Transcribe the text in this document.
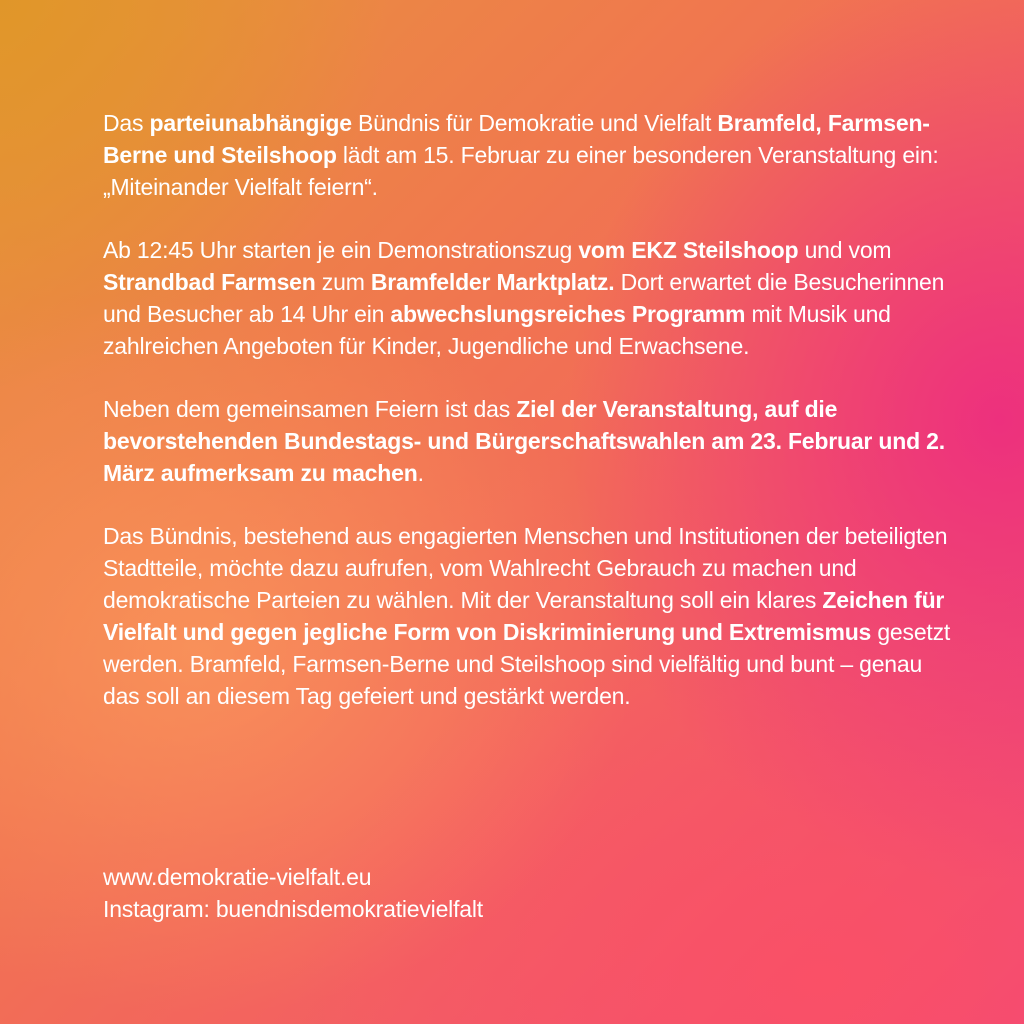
Das parteiunabhängige Bündnis für Demokratie und Vielfalt Bramfeld, Farmsen-Berne und Steilshoop lädt am 15. Februar zu einer besonderen Veranstaltung ein: „Miteinander Vielfalt feiern“.

Ab 12:45 Uhr starten je ein Demonstrationszug vom EKZ Steilshoop und vom Strandbad Farmsen zum Bramfelder Marktplatz. Dort erwartet die Besucherinnen und Besucher ab 14 Uhr ein abwechslungsreiches Programm mit Musik und zahlreichen Angeboten für Kinder, Jugendliche und Erwachsene.

Neben dem gemeinsamen Feiern ist das Ziel der Veranstaltung, auf die bevorstehenden Bundestags- und Bürgerschaftswahlen am 23. Februar und 2. März aufmerksam zu machen.

Das Bündnis, bestehend aus engagierten Menschen und Institutionen der beteiligten Stadtteile, möchte dazu aufrufen, vom Wahlrecht Gebrauch zu machen und demokratische Parteien zu wählen. Mit der Veranstaltung soll ein klares Zeichen für Vielfalt und gegen jegliche Form von Diskriminierung und Extremismus gesetzt werden. Bramfeld, Farmsen-Berne und Steilshoop sind vielfältig und bunt – genau das soll an diesem Tag gefeiert und gestärkt werden.

www.demokratie-vielfalt.eu
Instagram: buendnisdemokratievielfalt
